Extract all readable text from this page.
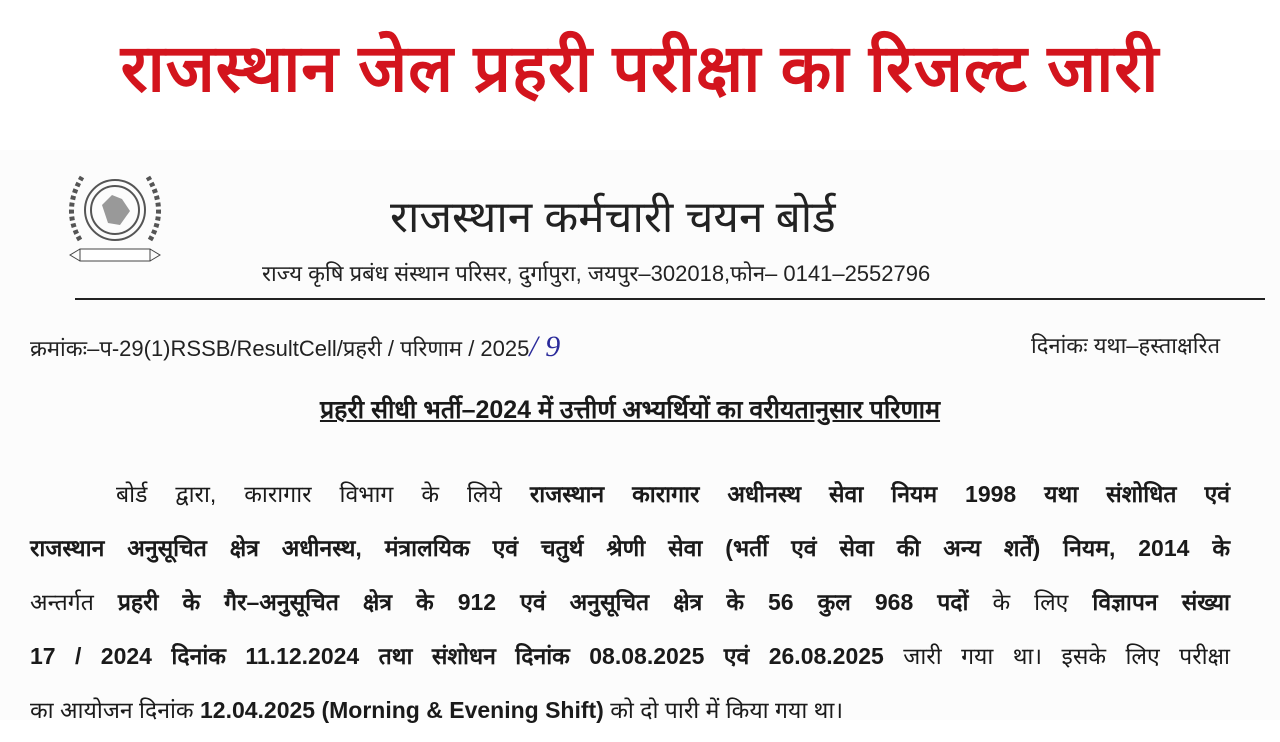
राजस्थान जेल प्रहरी परीक्षा का रिजल्ट जारी
राजस्थान कर्मचारी चयन बोर्ड
राज्य कृषि प्रबंध संस्थान परिसर, दुर्गापुरा, जयपुर–302018,फोन– 0141–2552796
क्रमांकः–प-29(1)RSSB/ResultCell/प्रहरी / परिणाम / 2025/ 9	दिनांकः यथा–हस्ताक्षरित
प्रहरी सीधी भर्ती–2024 में उत्तीर्ण अभ्यर्थियों का वरीयतानुसार परिणाम
बोर्ड द्वारा, कारागार विभाग के लिये राजस्थान कारागार अधीनस्थ सेवा नियम 1998 यथा संशोधित एवं
राजस्थान अनुसूचित क्षेत्र अधीनस्थ, मंत्रालयिक एवं चतुर्थ श्रेणी सेवा (भर्ती एवं सेवा की अन्य शर्तें) नियम, 2014 के
अन्तर्गत प्रहरी के गैर–अनुसूचित क्षेत्र के 912 एवं अनुसूचित क्षेत्र के 56 कुल 968 पदों के लिए विज्ञापन संख्या
17 / 2024 दिनांक 11.12.2024 तथा संशोधन दिनांक 08.08.2025 एवं 26.08.2025 जारी गया था। इसके लिए परीक्षा
का आयोजन दिनांक 12.04.2025 (Morning & Evening Shift) को दो पारी में किया गया था।
